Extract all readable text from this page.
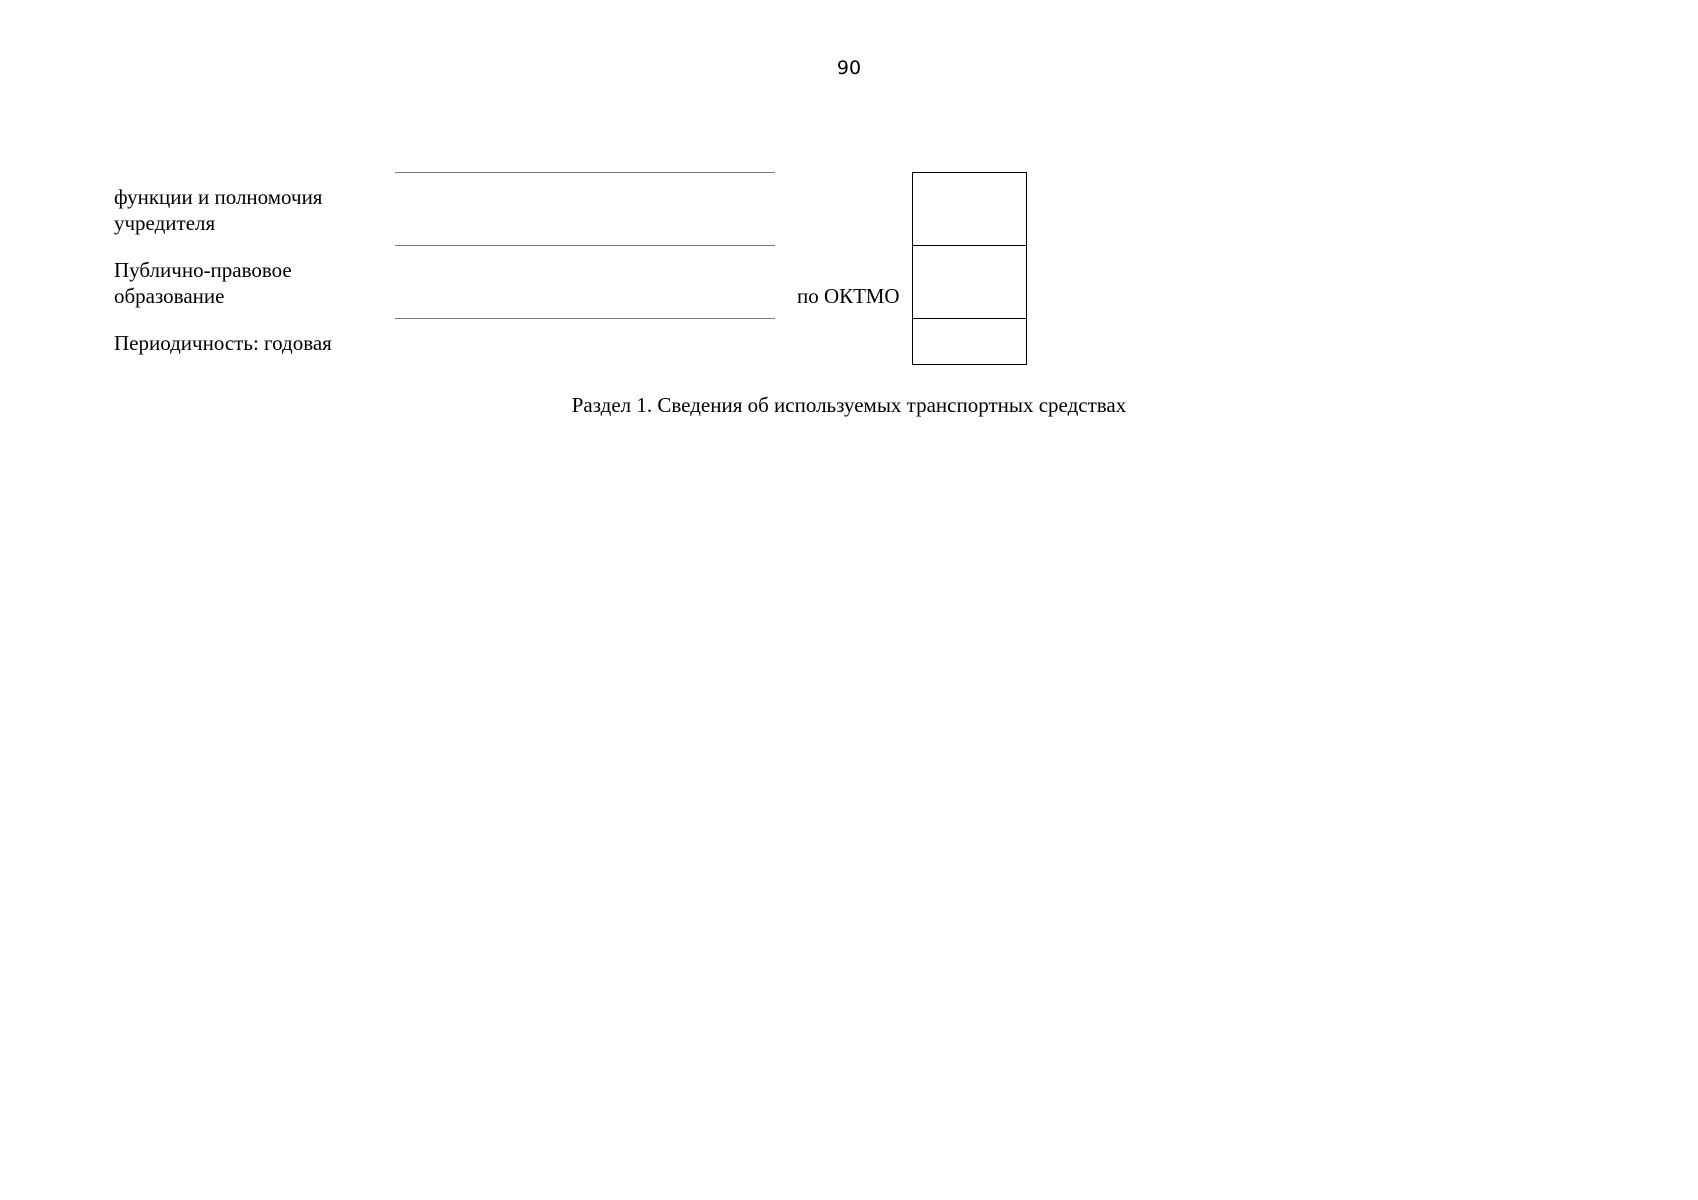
90
функции и полномочия
учредителя
Публично-правовое
образование
Периодичность: годовая
по ОКТМО
Раздел 1. Сведения об используемых транспортных средствах
